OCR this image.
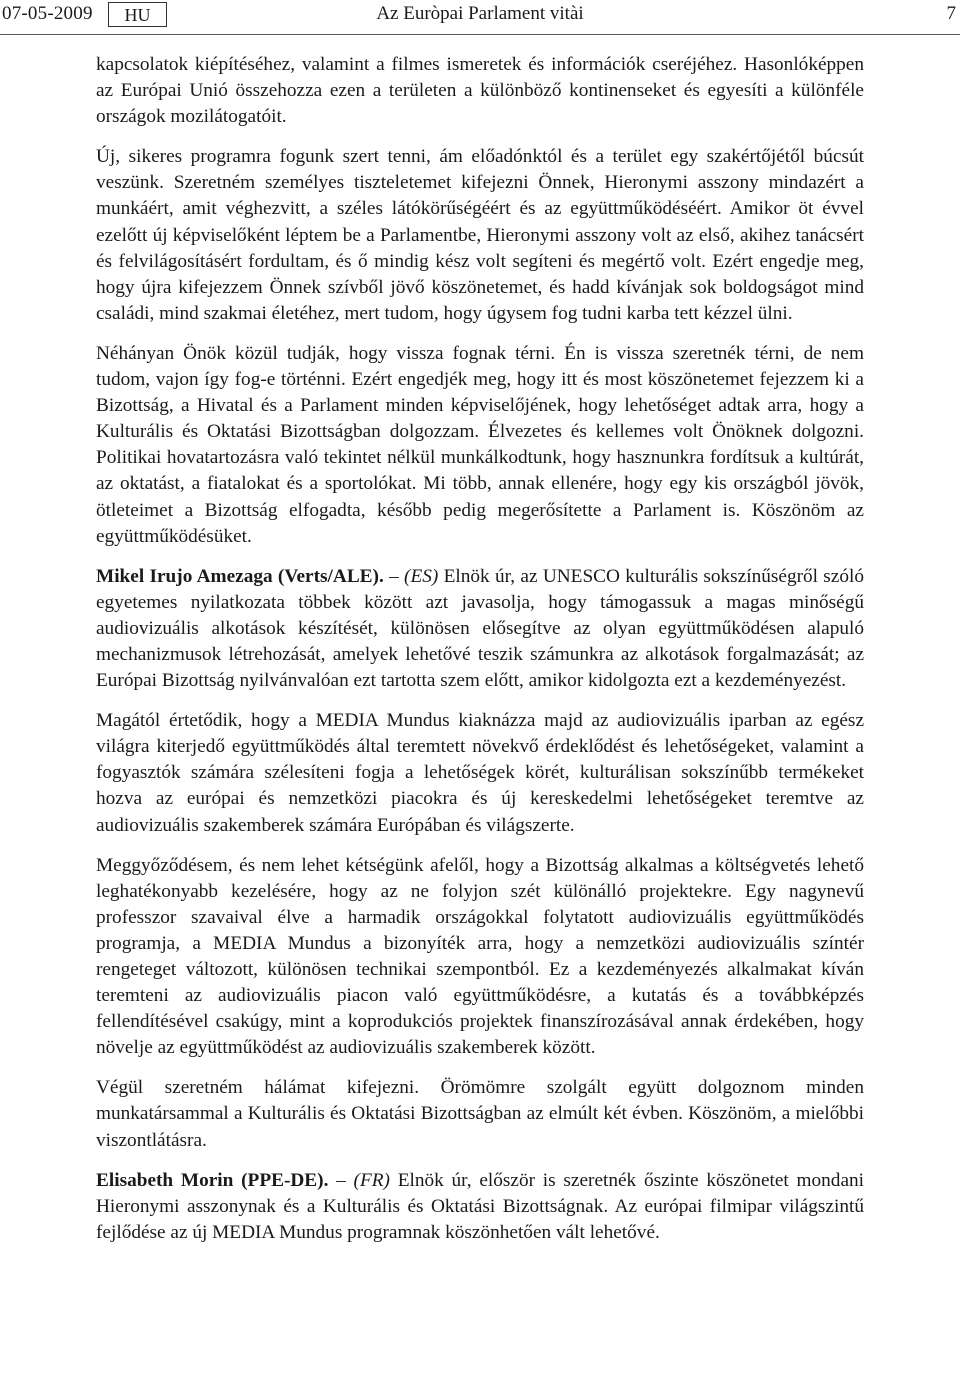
07-05-2009	HU	Az Euròpai Parlament vitài	7

kapcsolatok kiépítéséhez, valamint a filmes ismeretek és információk cseréjéhez. Hasonlóképpen az Európai Unió összehozza ezen a területen a különböző kontinenseket és egyesíti a különféle országok mozilátogatóit.

Új, sikeres programra fogunk szert tenni, ám előadónktól és a terület egy szakértőjétől búcsút veszünk. Szeretném személyes tiszteletemet kifejezni Önnek, Hieronymi asszony mindazért a munkáért, amit véghezvitt, a széles látókörűségéért és az együttműködéséért. Amikor öt évvel ezelőtt új képviselőként léptem be a Parlamentbe, Hieronymi asszony volt az első, akihez tanácsért és felvilágosításért fordultam, és ő mindig kész volt segíteni és megértő volt. Ezért engedje meg, hogy újra kifejezzem Önnek szívből jövő köszönetemet, és hadd kívánjak sok boldogságot mind családi, mind szakmai életéhez, mert tudom, hogy úgysem fog tudni karba tett kézzel ülni.

Néhányan Önök közül tudják, hogy vissza fognak térni. Én is vissza szeretnék térni, de nem tudom, vajon így fog-e történni. Ezért engedjék meg, hogy itt és most köszönetemet fejezzem ki a Bizottság, a Hivatal és a Parlament minden képviselőjének, hogy lehetőséget adtak arra, hogy a Kulturális és Oktatási Bizottságban dolgozzam. Élvezetes és kellemes volt Önöknek dolgozni. Politikai hovatartozásra való tekintet nélkül munkálkodtunk, hogy hasznunkra fordítsuk a kultúrát, az oktatást, a fiatalokat és a sportolókat. Mi több, annak ellenére, hogy egy kis országból jövök, ötleteimet a Bizottság elfogadta, később pedig megerősítette a Parlament is. Köszönöm az együttműködésüket.

Mikel Irujo Amezaga (Verts/ALE). – (ES) Elnök úr, az UNESCO kulturális sokszínűségről szóló egyetemes nyilatkozata többek között azt javasolja, hogy támogassuk a magas minőségű audiovizuális alkotások készítését, különösen elősegítve az olyan együttműködésen alapuló mechanizmusok létrehozását, amelyek lehetővé teszik számunkra az alkotások forgalmazását; az Európai Bizottság nyilvánvalóan ezt tartotta szem előtt, amikor kidolgozta ezt a kezdeményezést.

Magától értetődik, hogy a MEDIA Mundus kiaknázza majd az audiovizuális iparban az egész világra kiterjedő együttműködés által teremtett növekvő érdeklődést és lehetőségeket, valamint a fogyasztók számára szélesíteni fogja a lehetőségek körét, kulturálisan sokszínűbb termékeket hozva az európai és nemzetközi piacokra és új kereskedelmi lehetőségeket teremtve az audiovizuális szakemberek számára Európában és világszerte.

Meggyőződésem, és nem lehet kétségünk afelől, hogy a Bizottság alkalmas a költségvetés lehető leghatékonyabb kezelésére, hogy az ne folyjon szét különálló projektekre. Egy nagynevű professzor szavaival élve a harmadik országokkal folytatott audiovizuális együttműködés programja, a MEDIA Mundus a bizonyíték arra, hogy a nemzetközi audiovizuális színtér rengeteget változott, különösen technikai szempontból. Ez a kezdeményezés alkalmakat kíván teremteni az audiovizuális piacon való együttműködésre, a kutatás és a továbbképzés fellendítésével csakúgy, mint a koprodukciós projektek finanszírozásával annak érdekében, hogy növelje az együttműködést az audiovizuális szakemberek között.

Végül szeretném hálámat kifejezni. Örömömre szolgált együtt dolgoznom minden munkatársammal a Kulturális és Oktatási Bizottságban az elmúlt két évben. Köszönöm, a mielőbbi viszontlátásra.

Elisabeth Morin (PPE-DE). – (FR) Elnök úr, először is szeretnék őszinte köszönetet mondani Hieronymi asszonynak és a Kulturális és Oktatási Bizottságnak. Az európai filmipar világszintű fejlődése az új MEDIA Mundus programnak köszönhetően vált lehetővé.
